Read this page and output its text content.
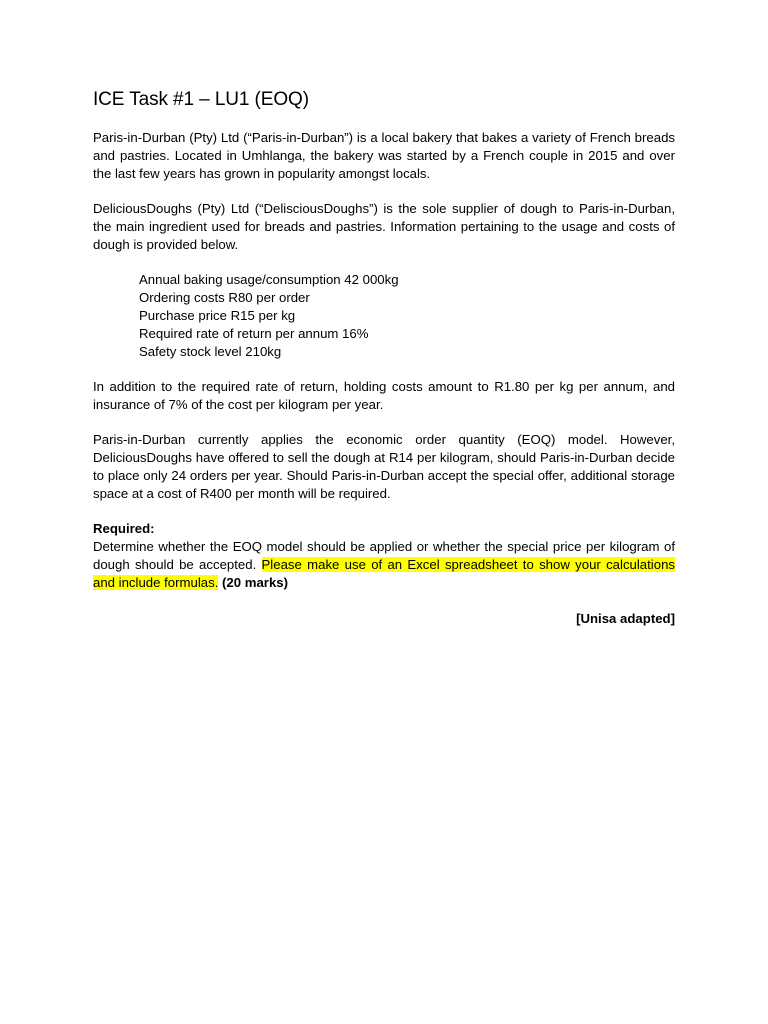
ICE Task #1 – LU1 (EOQ)

Paris-in-Durban (Pty) Ltd (“Paris-in-Durban”) is a local bakery that bakes a variety of French breads and pastries. Located in Umhlanga, the bakery was started by a French couple in 2015 and over the last few years has grown in popularity amongst locals.

DeliciousDoughs (Pty) Ltd (“DelisciousDoughs”) is the sole supplier of dough to Paris-in-Durban, the main ingredient used for breads and pastries. Information pertaining to the usage and costs of dough is provided below.

Annual baking usage/consumption 42 000kg
Ordering costs R80 per order
Purchase price R15 per kg
Required rate of return per annum 16%
Safety stock level 210kg

In addition to the required rate of return, holding costs amount to R1.80 per kg per annum, and insurance of 7% of the cost per kilogram per year.

Paris-in-Durban currently applies the economic order quantity (EOQ) model. However, DeliciousDoughs have offered to sell the dough at R14 per kilogram, should Paris-in-Durban decide to place only 24 orders per year. Should Paris-in-Durban accept the special offer, additional storage space at a cost of R400 per month will be required.

Required:

Determine whether the EOQ model should be applied or whether the special price per kilogram of dough should be accepted. Please make use of an Excel spreadsheet to show your calculations and include formulas. (20 marks)

[Unisa adapted]
